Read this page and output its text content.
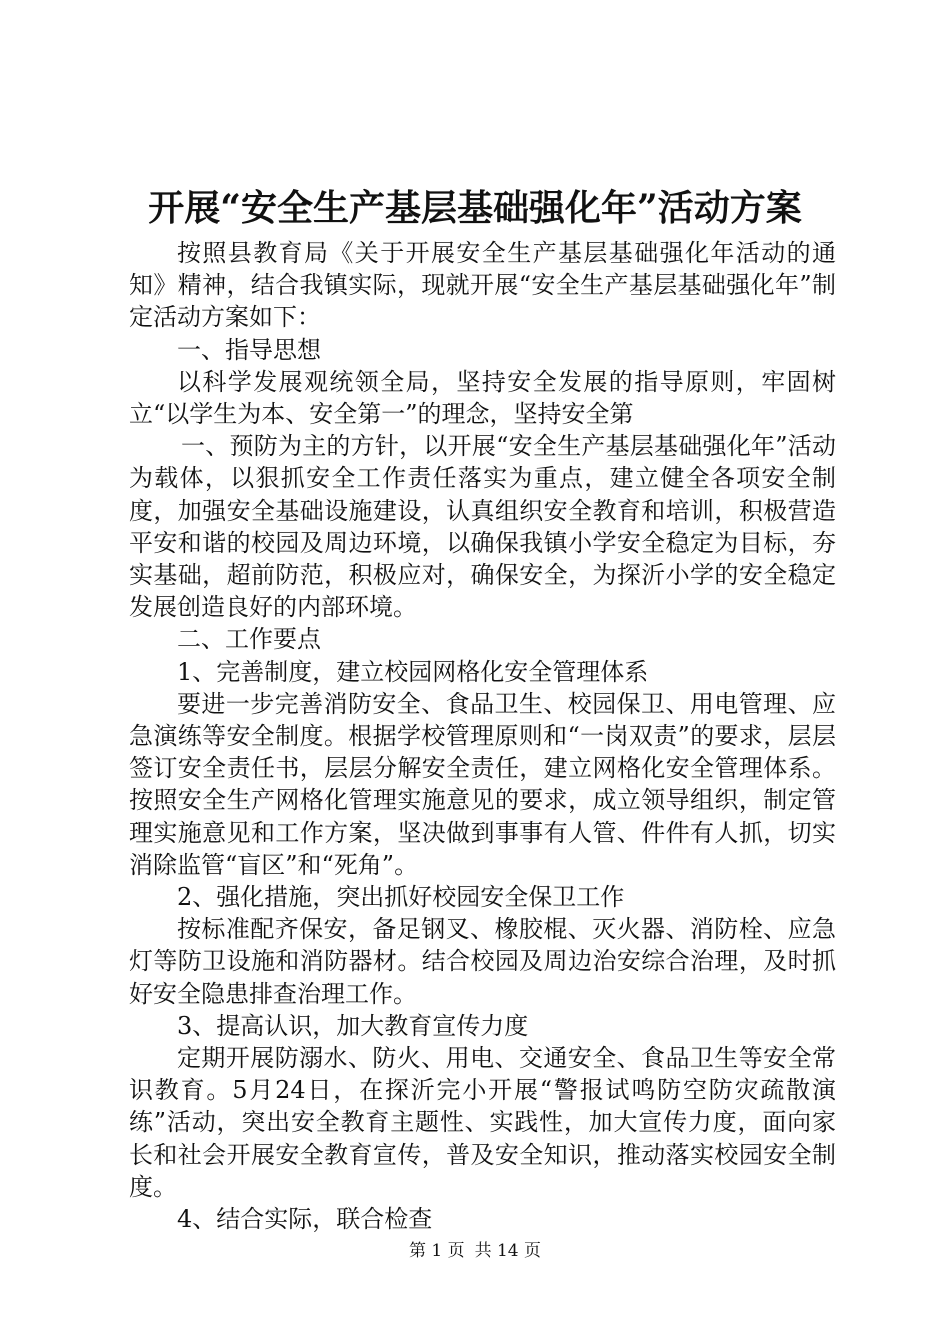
开展“安全生产基层基础强化年”活动方案

按照县教育局《关于开展安全生产基层基础强化年活动的通知》精神，结合我镇实际，现就开展“安全生产基层基础强化年”制定活动方案如下：

一、指导思想

以科学发展观统领全局，坚持安全发展的指导原则，牢固树立“以学生为本、安全第一”的理念，坚持安全第

一、预防为主的方针，以开展“安全生产基层基础强化年”活动为载体，以狠抓安全工作责任落实为重点，建立健全各项安全制度，加强安全基础设施建设，认真组织安全教育和培训，积极营造平安和谐的校园及周边环境，以确保我镇小学安全稳定为目标，夯实基础，超前防范，积极应对，确保安全，为探沂小学的安全稳定发展创造良好的内部环境。

二、工作要点

1、完善制度，建立校园网格化安全管理体系

要进一步完善消防安全、食品卫生、校园保卫、用电管理、应急演练等安全制度。根据学校管理原则和“一岗双责”的要求，层层签订安全责任书，层层分解安全责任，建立网格化安全管理体系。按照安全生产网格化管理实施意见的要求，成立领导组织，制定管理实施意见和工作方案，坚决做到事事有人管、件件有人抓，切实消除监管“盲区”和“死角”。

2、强化措施，突出抓好校园安全保卫工作

按标准配齐保安，备足钢叉、橡胶棍、灭火器、消防栓、应急灯等防卫设施和消防器材。结合校园及周边治安综合治理，及时抓好安全隐患排查治理工作。

3、提高认识，加大教育宣传力度

定期开展防溺水、防火、用电、交通安全、食品卫生等安全常识教育。5月24日，在探沂完小开展“警报试鸣防空防灾疏散演练”活动，突出安全教育主题性、实践性，加大宣传力度，面向家长和社会开展安全教育宣传，普及安全知识，推动落实校园安全制度。

4、结合实际，联合检查

第 1 页 共 14 页
